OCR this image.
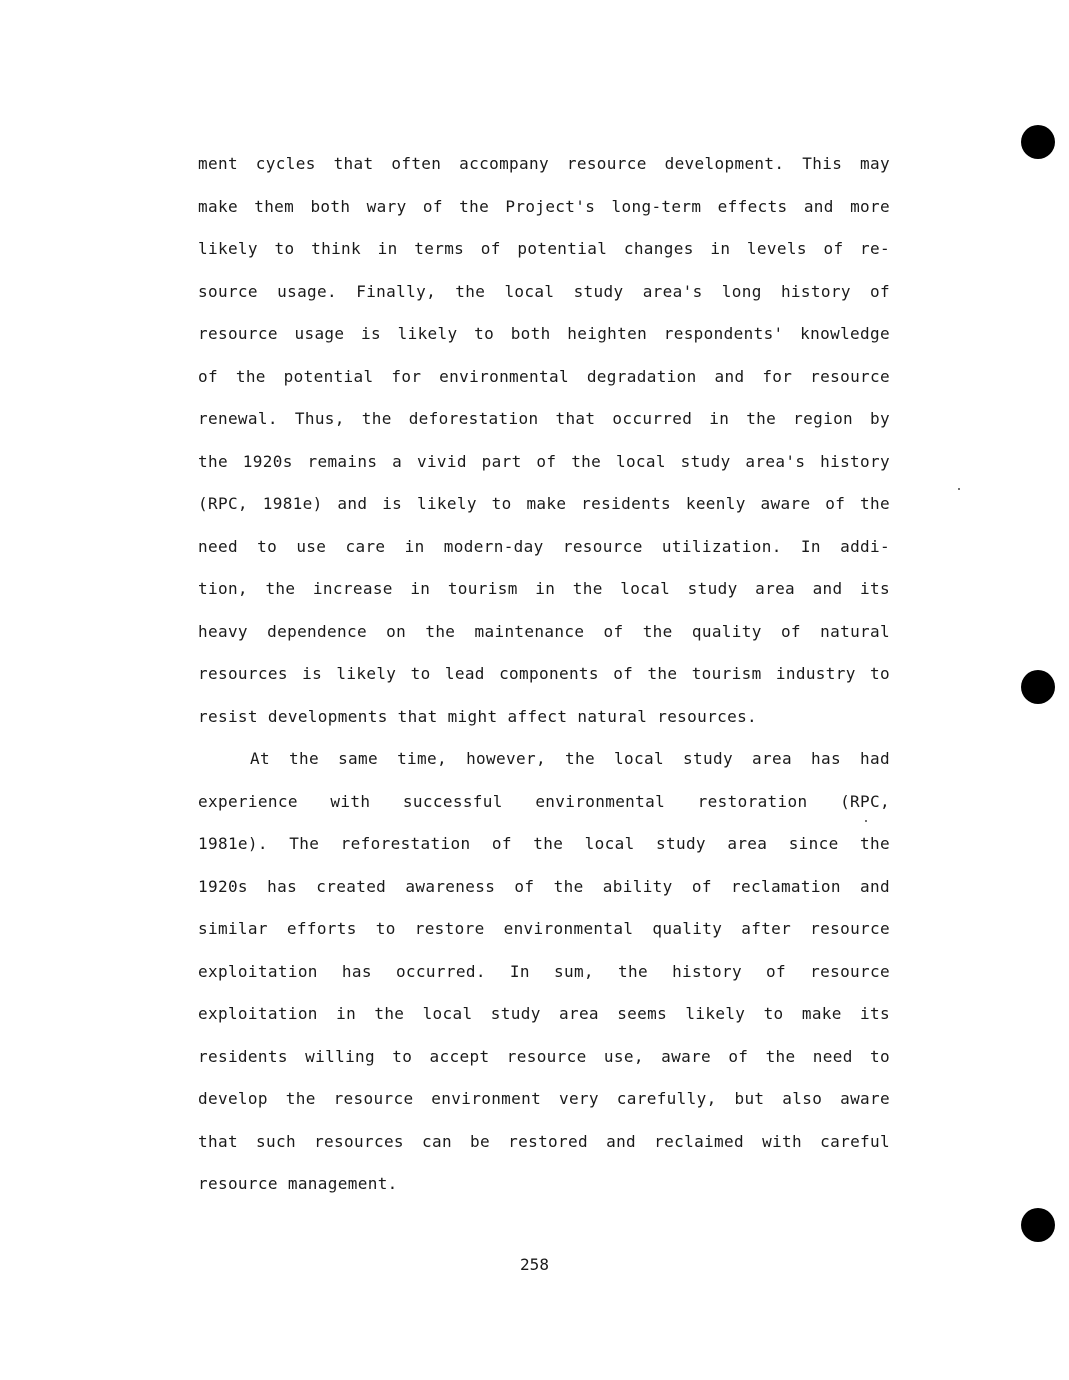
ment cycles that often accompany resource development. This may
make them both wary of the Project's long-term effects and more
likely to think in terms of potential changes in levels of re-
source usage. Finally, the local study area's long history of
resource usage is likely to both heighten respondents' knowledge
of the potential for environmental degradation and for resource
renewal. Thus, the deforestation that occurred in the region by
the 1920s remains a vivid part of the local study area's history
(RPC, 1981e) and is likely to make residents keenly aware of the
need to use care in modern-day resource utilization. In addi-
tion, the increase in tourism in the local study area and its
heavy dependence on the maintenance of the quality of natural
resources is likely to lead components of the tourism industry to
resist developments that might affect natural resources.
At the same time, however, the local study area has had
experience with successful environmental restoration (RPC,
1981e). The reforestation of the local study area since the
1920s has created awareness of the ability of reclamation and
similar efforts to restore environmental quality after resource
exploitation has occurred. In sum, the history of resource
exploitation in the local study area seems likely to make its
residents willing to accept resource use, aware of the need to
develop the resource environment very carefully, but also aware
that such resources can be restored and reclaimed with careful
resource management.
258
